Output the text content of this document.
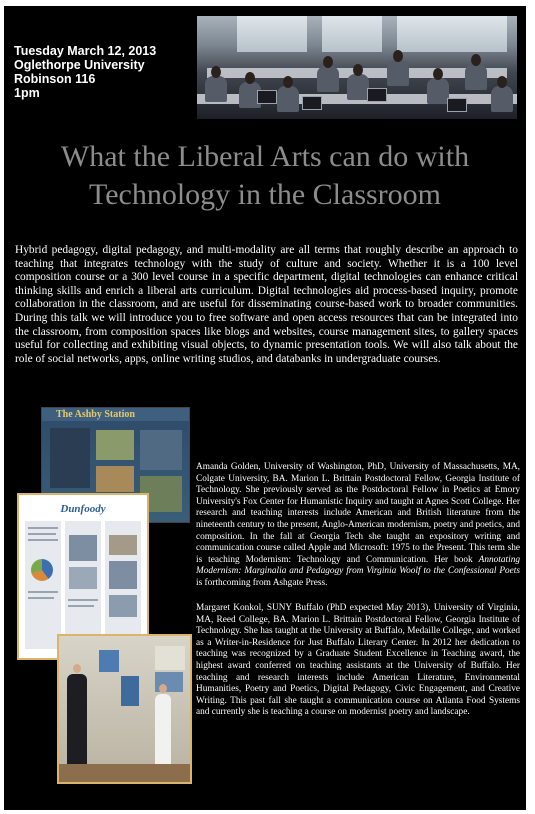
Tuesday March 12, 2013
Oglethorpe University
Robinson 116
1pm
What the Liberal Arts can do with
Technology in the Classroom
Hybrid pedagogy, digital pedagogy, and multi-modality are all terms that roughly describe an approach to teaching that integrates technology with the study of culture and society. Whether it is a 100 level composition course or a 300 level course in a specific department, digital technologies can enhance critical thinking skills and enrich a liberal arts curriculum. Digital technologies aid process-based inquiry, promote collaboration in the classroom, and are useful for disseminating course-based work to broader communities. During this talk we will introduce you to free software and open access resources that can be integrated into the classroom, from composition spaces like blogs and websites, course management sites, to gallery spaces useful for collecting and exhibiting visual objects, to dynamic presentation tools. We will also talk about the role of social networks, apps, online writing studios, and databanks in undergraduate courses.
The Ashby Station
Dunfoody
Amanda Golden, University of Washington, PhD, University of Massachusetts, MA, Colgate University, BA. Marion L. Brittain Postdoctoral Fellow, Georgia Institute of Technology. She previously served as the Postdoctoral Fellow in Poetics at Emory University's Fox Center for Humanistic Inquiry and taught at Agnes Scott College. Her research and teaching interests include American and British literature from the nineteenth century to the present, Anglo-American modernism, poetry and poetics, and composition. In the fall at Georgia Tech she taught an expository writing and communication course called Apple and Microsoft: 1975 to the Present. This term she is teaching Modernism: Technology and Communication. Her book Annotating Modernism: Marginalia and Pedagogy from Virginia Woolf to the Confessional Poets is forthcoming from Ashgate Press.
Margaret Konkol, SUNY Buffalo (PhD expected May 2013), University of Virginia, MA, Reed College, BA. Marion L. Brittain Postdoctoral Fellow, Georgia Institute of Technology. She has taught at the University at Buffalo, Medaille College, and worked as a Writer-in-Residence for Just Buffalo Literary Center. In 2012 her dedication to teaching was recognized by a Graduate Student Excellence in Teaching award, the highest award conferred on teaching assistants at the University of Buffalo. Her teaching and research interests include American Literature, Environmental Humanities, Poetry and Poetics, Digital Pedagogy, Civic Engagement, and Creative Writing. This past fall she taught a communication course on Atlanta Food Systems and currently she is teaching a course on modernist poetry and landscape.
